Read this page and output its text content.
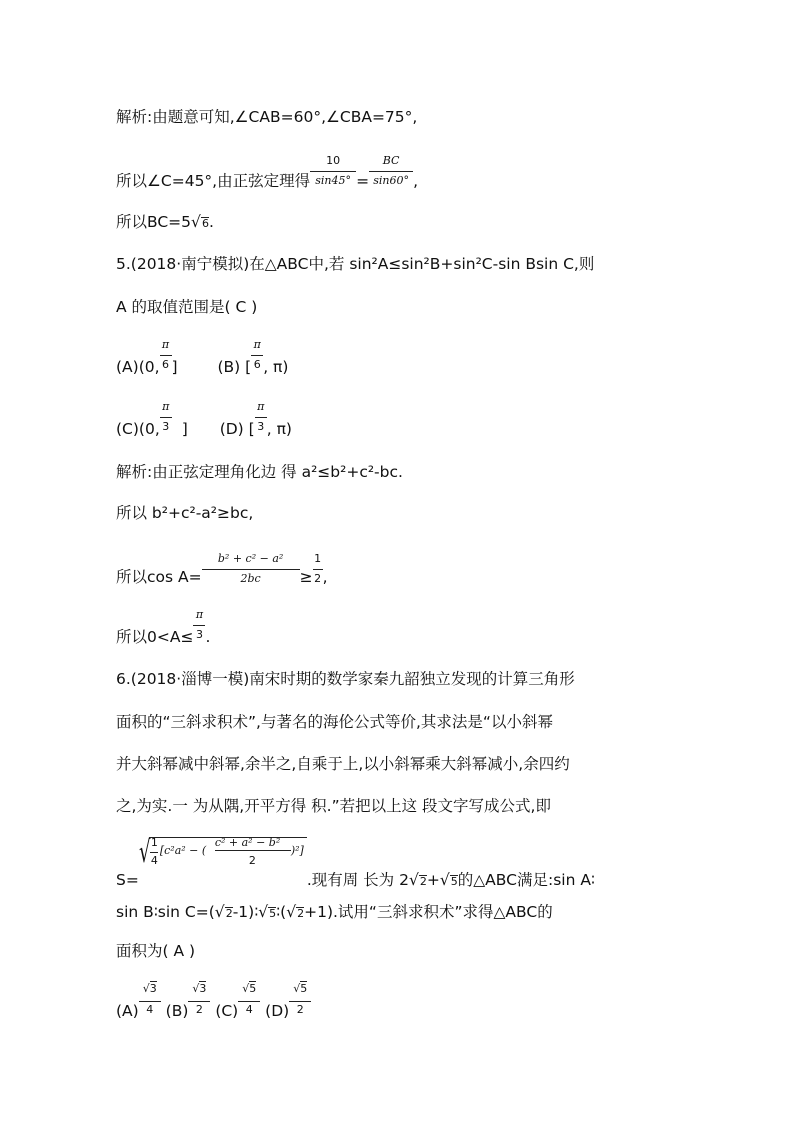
解析:由题意可知,∠CAB=60°,∠CBA=75°,
所以∠C=45°,由正弦定理得 $\frac{10}{\sin 45^\circ} = \frac{BC}{\sin 60^\circ}$ ,
所以BC=5√6.
5.(2018·南宁模拟)在△ABC中,若 sin²A≤sin²B+sin²C-sin Bsin C,则
A 的取值范围是( C )
(A)(0, $\frac{\pi}{6}$ ]	(B) [ $\frac{\pi}{6}$ , π)
(C)(0, $\frac{\pi}{3}$ ] (D) [ $\frac{\pi}{3}$ , π)
解析:由正弦定理角化边 得 a²≤b²+c²-bc.
所以 b²+c²-a²≥bc,
所以$\cos A= \frac{\text{b² + c² − a²}}{2bc} \ge \frac{1}{2}$ ,
所以$0<A\le \frac{\pi}{3}$ .
6.(2018·淄博一模)南宋时期的数学家秦九韶独立发现的计算三角形
面积的“三斜求积术”,与著名的海伦公式等价,其求法是“以小斜幂
并大斜幂减中斜幂,余半之,自乘于上,以小斜幂乘大斜幂减小,余四约
之,为实.一 为从隅,开平方得 积.”若把以上这 段文字写成公式,即
S=
√ 1
4
[c²a² − (
c² + a² − b²
2
)²]
.现有周 长为 2√2+√5的△ABC满足:sin A∶
sin B∶sin C=(√2-1)∶√5∶(√2+1).试用“三斜求积术”求得△ABC的
面积为( A )
$(A) \frac{√3}{4} (B) \frac{√3}{2} (C) \frac{√5}{4} (D) \frac{√5}{2}$
